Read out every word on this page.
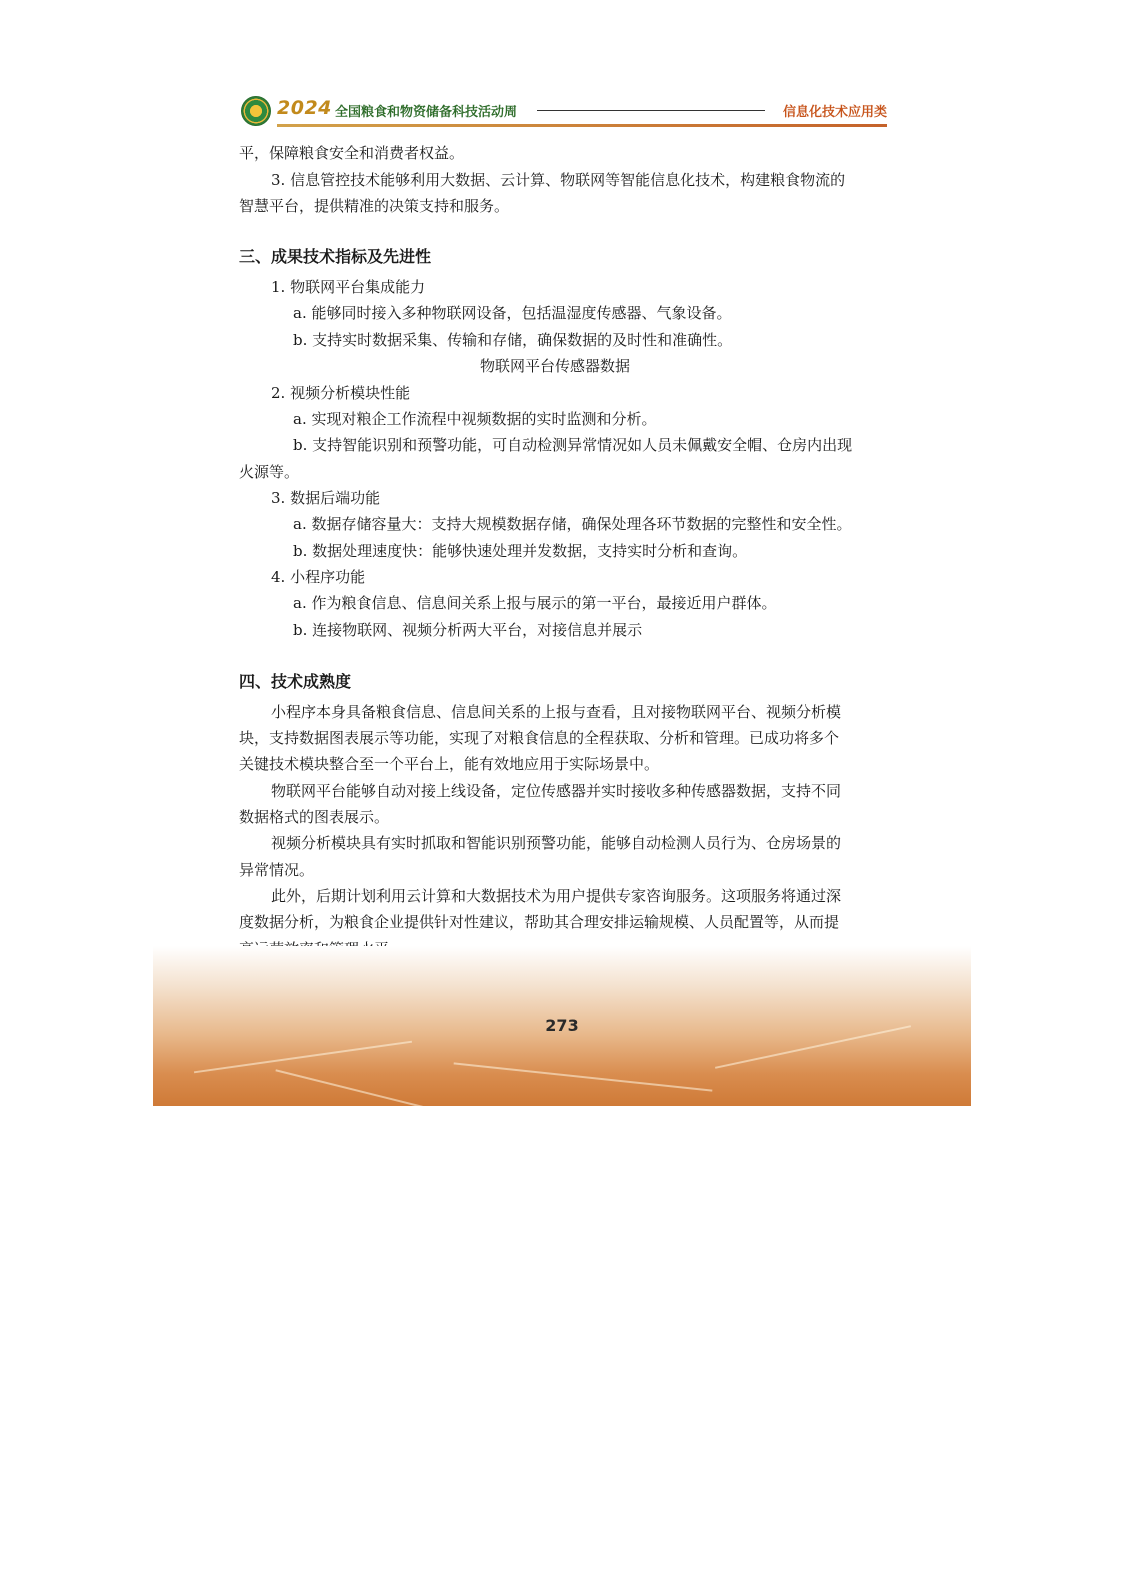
2024 全国粮食和物资储备科技活动周	信息化技术应用类
平，保障粮食安全和消费者权益。
3. 信息管控技术能够利用大数据、云计算、物联网等智能信息化技术，构建粮食物流的
智慧平台，提供精准的决策支持和服务。
三、成果技术指标及先进性
1. 物联网平台集成能力
a. 能够同时接入多种物联网设备，包括温湿度传感器、气象设备。
b. 支持实时数据采集、传输和存储，确保数据的及时性和准确性。
物联网平台传感器数据
2. 视频分析模块性能
a. 实现对粮企工作流程中视频数据的实时监测和分析。
b. 支持智能识别和预警功能，可自动检测异常情况如人员未佩戴安全帽、仓房内出现
火源等。
3. 数据后端功能
a. 数据存储容量大：支持大规模数据存储，确保处理各环节数据的完整性和安全性。
b. 数据处理速度快：能够快速处理并发数据，支持实时分析和查询。
4. 小程序功能
a. 作为粮食信息、信息间关系上报与展示的第一平台，最接近用户群体。
b. 连接物联网、视频分析两大平台，对接信息并展示
四、技术成熟度
小程序本身具备粮食信息、信息间关系的上报与查看，且对接物联网平台、视频分析模
块，支持数据图表展示等功能，实现了对粮食信息的全程获取、分析和管理。已成功将多个
关键技术模块整合至一个平台上，能有效地应用于实际场景中。
物联网平台能够自动对接上线设备，定位传感器并实时接收多种传感器数据，支持不同
数据格式的图表展示。
视频分析模块具有实时抓取和智能识别预警功能，能够自动检测人员行为、仓房场景的
异常情况。
此外，后期计划利用云计算和大数据技术为用户提供专家咨询服务。这项服务将通过深
度数据分析，为粮食企业提供针对性建议，帮助其合理安排运输规模、人员配置等，从而提
273
